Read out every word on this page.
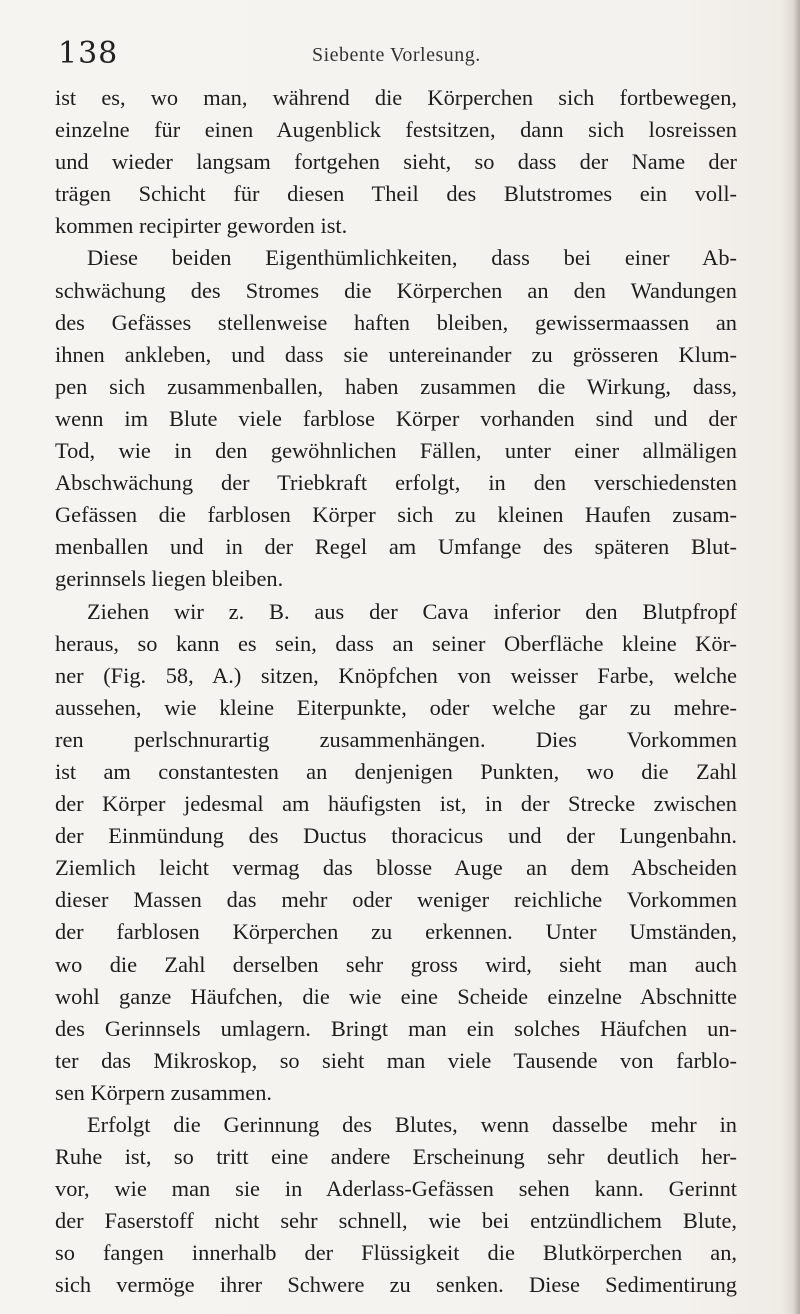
138	Siebente Vorlesung.

ist es, wo man, während die Körperchen sich fortbewegen,
einzelne für einen Augenblick festsitzen, dann sich losreissen
und wieder langsam fortgehen sieht, so dass der Name der
trägen Schicht für diesen Theil des Blutstromes ein voll-
kommen recipirter geworden ist.
Diese beiden Eigenthümlichkeiten, dass bei einer Ab-
schwächung des Stromes die Körperchen an den Wandungen
des Gefässes stellenweise haften bleiben, gewissermaassen an
ihnen ankleben, und dass sie untereinander zu grösseren Klum-
pen sich zusammenballen, haben zusammen die Wirkung, dass,
wenn im Blute viele farblose Körper vorhanden sind und der
Tod, wie in den gewöhnlichen Fällen, unter einer allmäligen
Abschwächung der Triebkraft erfolgt, in den verschiedensten
Gefässen die farblosen Körper sich zu kleinen Haufen zusam-
menballen und in der Regel am Umfange des späteren Blut-
gerinnsels liegen bleiben.
Ziehen wir z. B. aus der Cava inferior den Blutpfropf
heraus, so kann es sein, dass an seiner Oberfläche kleine Kör-
ner (Fig. 58, A.) sitzen, Knöpfchen von weisser Farbe, welche
aussehen, wie kleine Eiterpunkte, oder welche gar zu mehre-
ren perlschnurartig zusammenhängen. Dies Vorkommen
ist am constantesten an denjenigen Punkten, wo die Zahl
der Körper jedesmal am häufigsten ist, in der Strecke zwischen
der Einmündung des Ductus thoracicus und der Lungenbahn.
Ziemlich leicht vermag das blosse Auge an dem Abscheiden
dieser Massen das mehr oder weniger reichliche Vorkommen
der farblosen Körperchen zu erkennen. Unter Umständen,
wo die Zahl derselben sehr gross wird, sieht man auch
wohl ganze Häufchen, die wie eine Scheide einzelne Abschnitte
des Gerinnsels umlagern. Bringt man ein solches Häufchen un-
ter das Mikroskop, so sieht man viele Tausende von farblo-
sen Körpern zusammen.
Erfolgt die Gerinnung des Blutes, wenn dasselbe mehr in
Ruhe ist, so tritt eine andere Erscheinung sehr deutlich her-
vor, wie man sie in Aderlass-Gefässen sehen kann. Gerinnt
der Faserstoff nicht sehr schnell, wie bei entzündlichem Blute,
so fangen innerhalb der Flüssigkeit die Blutkörperchen an,
sich vermöge ihrer Schwere zu senken. Diese Sedimentirung
